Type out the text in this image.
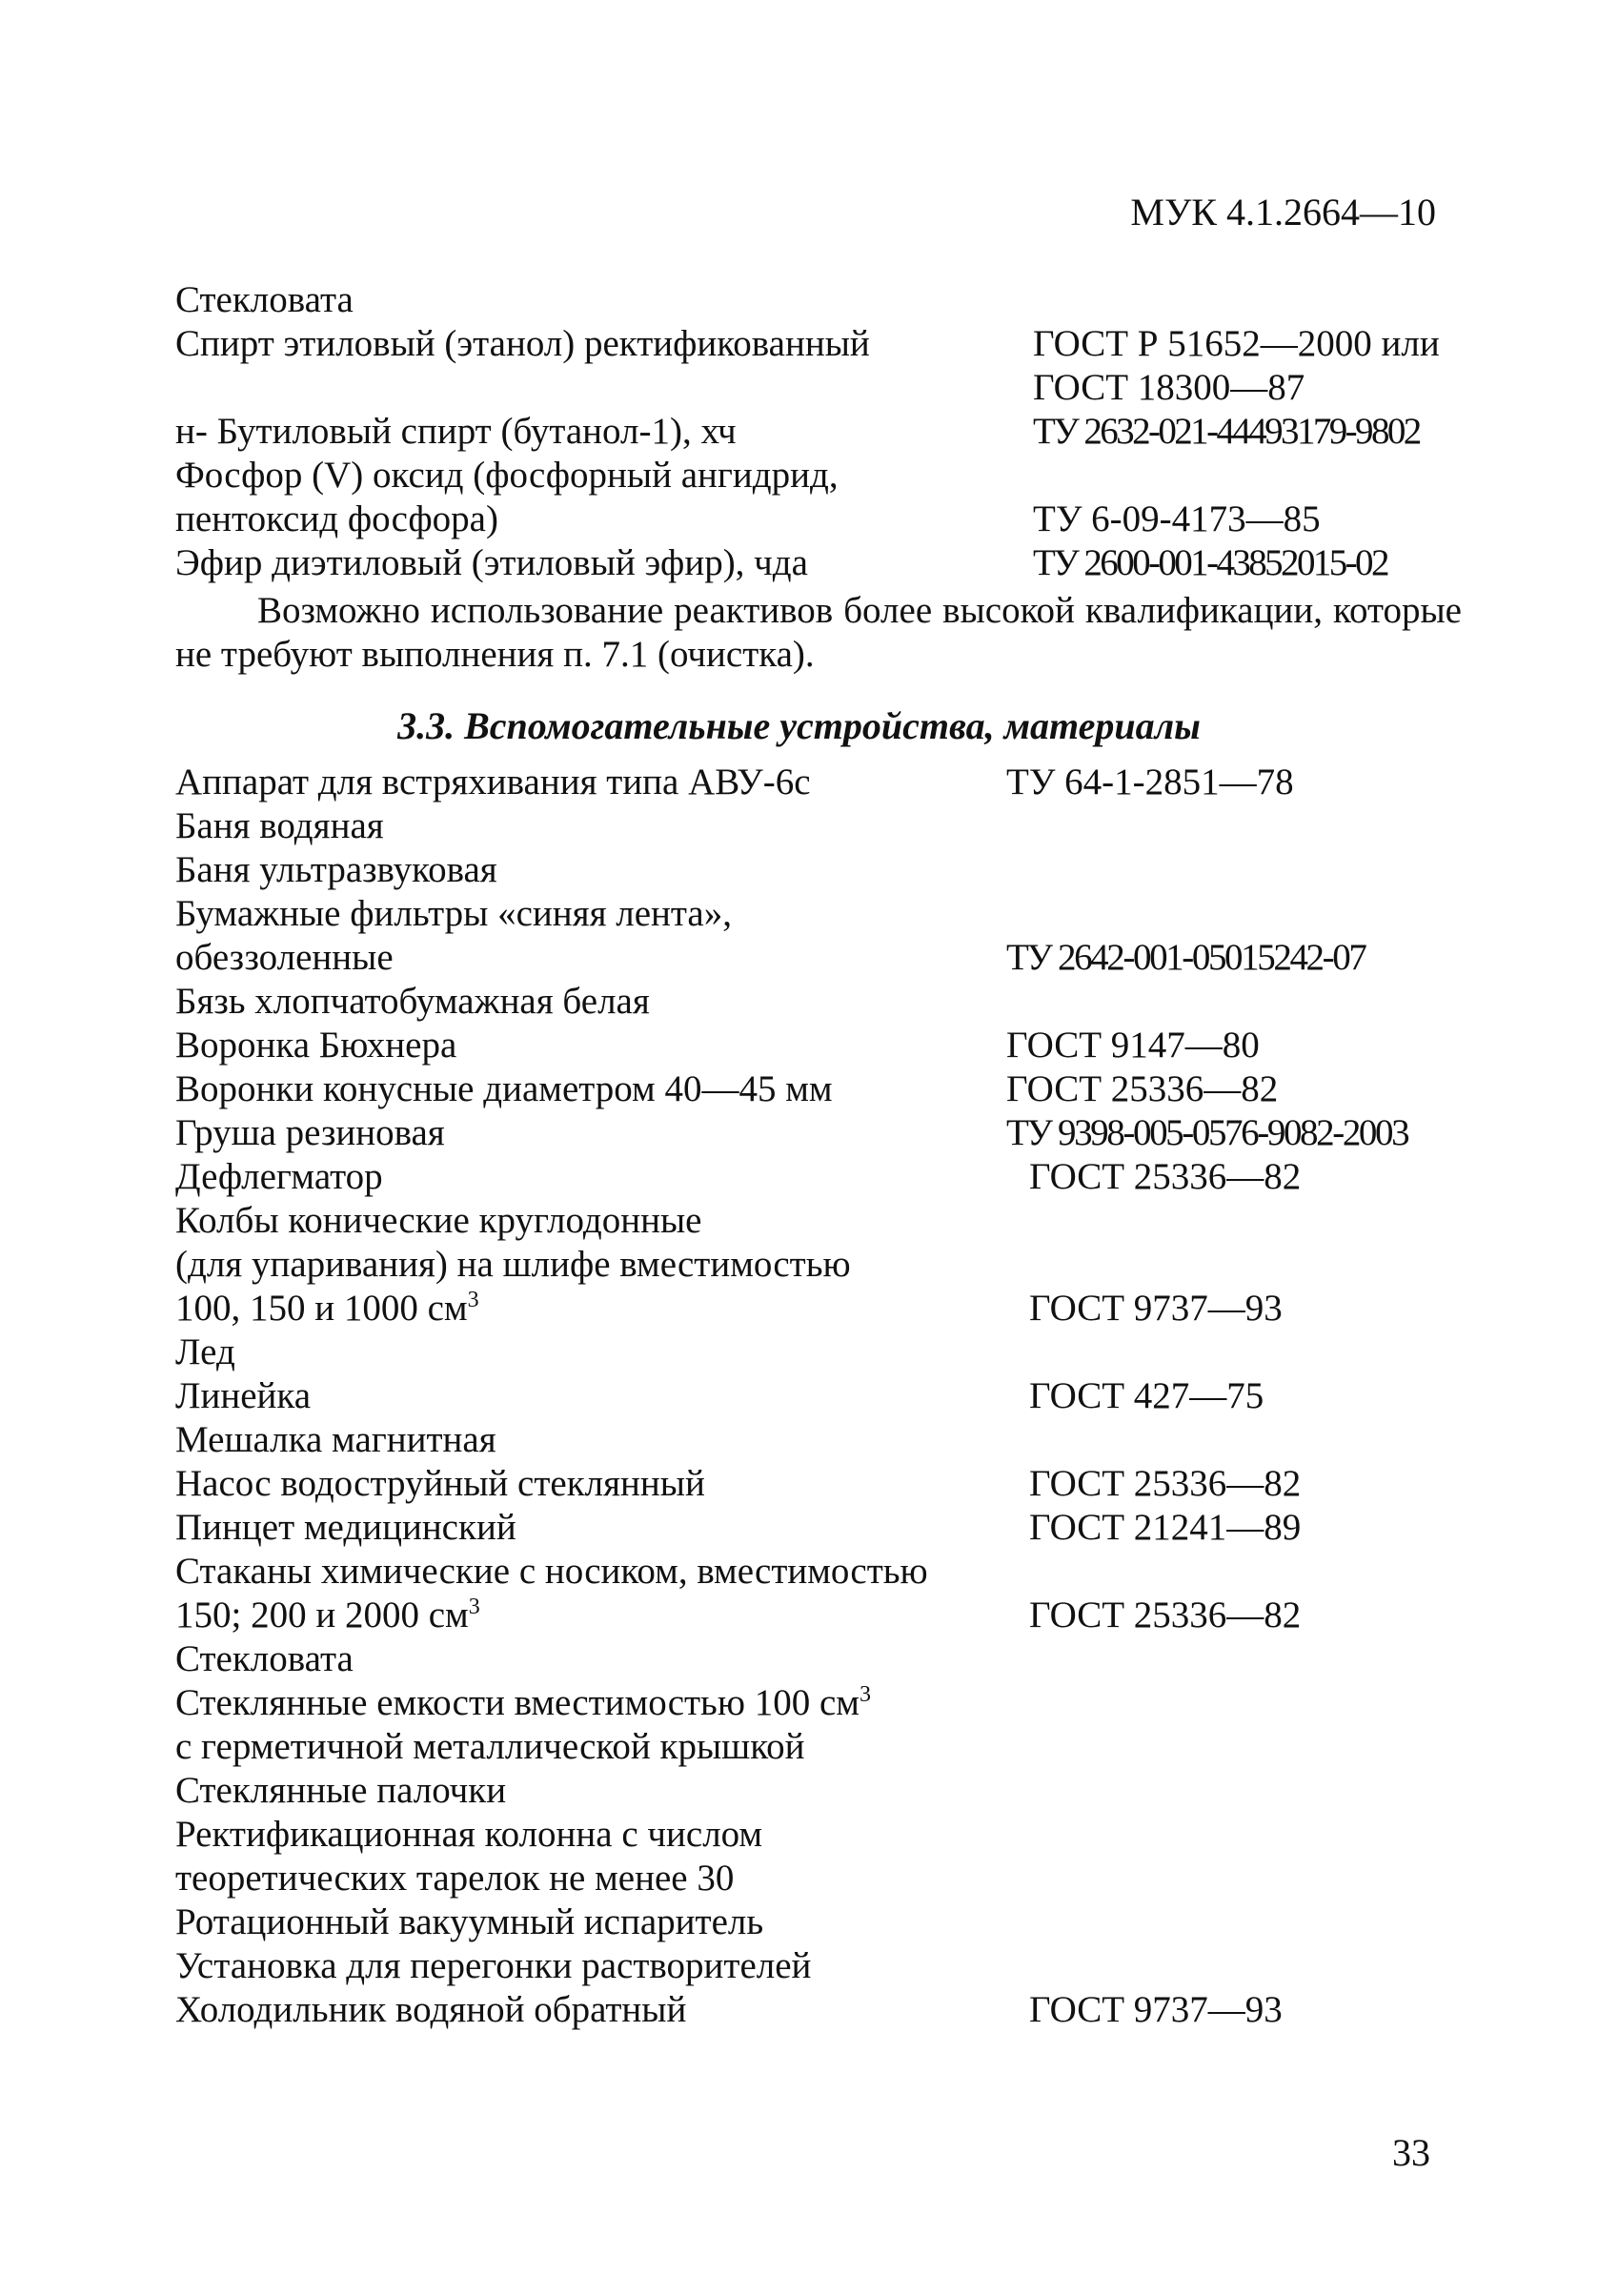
МУК 4.1.2664—10
Стекловата
Спирт этиловый (этанол) ректификованный	ГОСТ Р 51652—2000 или
ГОСТ 18300—87
н- Бутиловый спирт (бутанол-1), хч	ТУ 2632-021-44493179-9802
Фосфор (V) оксид (фосфорный ангидрид,
пентоксид фосфора)	ТУ 6-09-4173—85
Эфир диэтиловый (этиловый эфир), чда	ТУ 2600-001-43852015-02
Возможно использование реактивов более высокой квалификации, которые не требуют выполнения п. 7.1 (очистка).
3.3. Вспомогательные устройства, материалы
Аппарат для встряхивания типа АВУ-6с	ТУ 64-1-2851—78
Баня водяная
Баня ультразвуковая
Бумажные фильтры «синяя лента»,
обеззоленные	ТУ 2642-001-05015242-07
Бязь хлопчатобумажная белая
Воронка Бюхнера	ГОСТ 9147—80
Воронки конусные диаметром 40—45 мм	ГОСТ 25336—82
Груша резиновая	ТУ 9398-005-0576-9082-2003
Дефлегматор	ГОСТ 25336—82
Колбы конические круглодонные
(для упаривания) на шлифе вместимостью
100, 150 и 1000 $см^3$	ГОСТ 9737—93
Лед
Линейка	ГОСТ 427—75
Мешалка магнитная
Насос водоструйный стеклянный	ГОСТ 25336—82
Пинцет медицинский	ГОСТ 21241—89
Стаканы химические с носиком, вместимостью
150; 200 и 2000 $см^3$	ГОСТ 25336—82
Стекловата
Стеклянные емкости вместимостью 100 $см^3$
с герметичной металлической крышкой
Стеклянные палочки
Ректификационная колонна с числом
теоретических тарелок не менее 30
Ротационный вакуумный испаритель
Установка для перегонки растворителей
Холодильник водяной обратный	ГОСТ 9737—93
33
